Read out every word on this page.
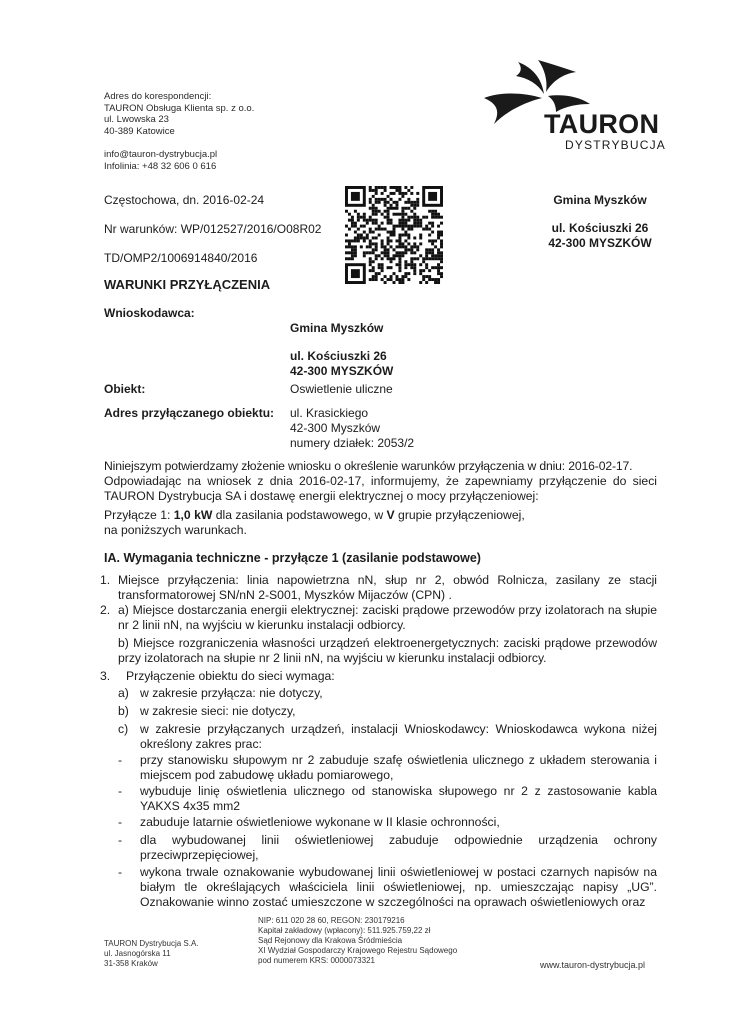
Adres do korespondencji:
TAURON Obsługa Klienta sp. z o.o.
ul. Lwowska 23
40-389 Katowice
info@tauron-dystrybucja.pl
Infolinia: +48 32 606 0 616
TAURON
DYSTRYBUCJA
Częstochowa, dn. 2016-02-24
Nr warunków: WP/012527/2016/O08R02
TD/OMP2/1006914840/2016
WARUNKI PRZYŁĄCZENIA
Gmina Myszków
ul. Kościuszki 26
42-300 MYSZKÓW
Wnioskodawca:
Gmina Myszków
ul. Kościuszki 26
42-300 MYSZKÓW
Obiekt:	Oswietlenie uliczne
Adres przyłączanego obiektu: ul. Krasickiego
42-300 Myszków
numery działek: 2053/2
Niniejszym potwierdzamy złożenie wniosku o określenie warunków przyłączenia w dniu: 2016-02-17.
Odpowiadając na wniosek z dnia 2016-02-17, informujemy, że zapewniamy przyłączenie do sieci TAURON Dystrybucja SA i dostawę energii elektrycznej o mocy przyłączeniowej:
Przyłącze 1: 1,0 kW dla zasilania podstawowego, w V grupie przyłączeniowej,
na poniższych warunkach.
IA. Wymagania techniczne - przyłącze 1 (zasilanie podstawowe)
1. Miejsce przyłączenia: linia napowietrzna nN, słup nr 2, obwód Rolnicza, zasilany ze stacji transformatorowej SN/nN 2-S001, Myszków Mijaczów (CPN) .
2. a) Miejsce dostarczania energii elektrycznej: zaciski prądowe przewodów przy izolatorach na słupie nr 2 linii nN, na wyjściu w kierunku instalacji odbiorcy.
b) Miejsce rozgraniczenia własności urządzeń elektroenergetycznych: zaciski prądowe przewodów przy izolatorach na słupie nr 2 linii nN, na wyjściu w kierunku instalacji odbiorcy.
3. Przyłączenie obiektu do sieci wymaga:
a) w zakresie przyłącza: nie dotyczy,
b) w zakresie sieci: nie dotyczy,
c) w zakresie przyłączanych urządzeń, instalacji Wnioskodawcy: Wnioskodawca wykona niżej określony zakres prac:
- przy stanowisku słupowym nr 2 zabuduje szafę oświetlenia ulicznego z układem sterowania i miejscem pod zabudowę układu pomiarowego,
- wybuduje linię oświetlenia ulicznego od stanowiska słupowego nr 2 z zastosowanie kabla YAKXS 4x35 mm2
- zabuduje latarnie oświetleniowe wykonane w II klasie ochronności,
- dla wybudowanej linii oświetleniowej zabuduje odpowiednie urządzenia ochrony przeciwprzepięciowej,
- wykona trwale oznakowanie wybudowanej linii oświetleniowej w postaci czarnych napisów na białym tle określających właściciela linii oświetleniowej, np. umieszczając napisy „UG”. Oznakowanie winno zostać umieszczone w szczególności na oprawach oświetleniowych oraz
TAURON Dystrybucja S.A.
ul. Jasnogórska 11
31-358 Kraków
NIP: 611 020 28 60, REGON: 230179216
Kapitał zakładowy (wpłacony): 511.925.759,22 zł
Sąd Rejonowy dla Krakowa Śródmieścia
XI Wydział Gospodarczy Krajowego Rejestru Sądowego
pod numerem KRS: 0000073321	www.tauron-dystrybucja.pl
